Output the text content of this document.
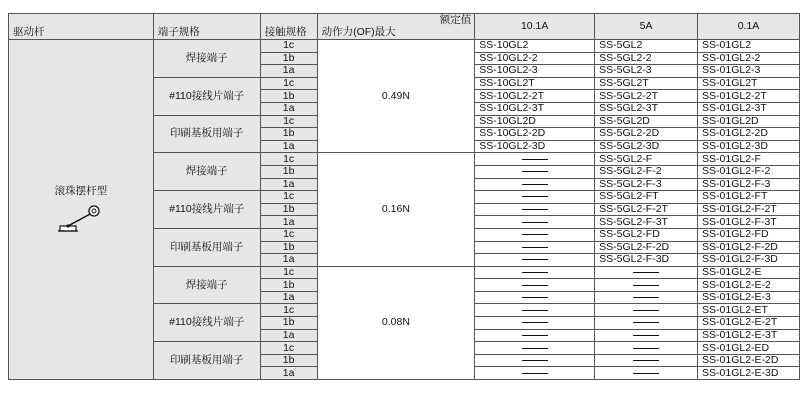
驱动杆	端子规格	接触规格	额定值
动作力(OF)最大	10.1A	5A	0.1A

滚珠摆杆型	焊接端子	1c	0.49N	SS-10GL2	SS-5GL2	SS-01GL2
		1b		SS-10GL2-2	SS-5GL2-2	SS-01GL2-2
		1a		SS-10GL2-3	SS-5GL2-3	SS-01GL2-3
	#110接线片端子	1c		SS-10GL2T	SS-5GL2T	SS-01GL2T
		1b		SS-10GL2-2T	SS-5GL2-2T	SS-01GL2-2T
		1a		SS-10GL2-3T	SS-5GL2-3T	SS-01GL2-3T
	印刷基板用端子	1c		SS-10GL2D	SS-5GL2D	SS-01GL2D
		1b		SS-10GL2-2D	SS-5GL2-2D	SS-01GL2-2D
		1a		SS-10GL2-3D	SS-5GL2-3D	SS-01GL2-3D
	焊接端子	1c	0.16N		SS-5GL2-F	SS-01GL2-F
		1b			SS-5GL2-F-2	SS-01GL2-F-2
		1a			SS-5GL2-F-3	SS-01GL2-F-3
	#110接线片端子	1c			SS-5GL2-FT	SS-01GL2-FT
		1b			SS-5GL2-F-2T	SS-01GL2-F-2T
		1a			SS-5GL2-F-3T	SS-01GL2-F-3T
	印刷基板用端子	1c			SS-5GL2-FD	SS-01GL2-FD
		1b			SS-5GL2-F-2D	SS-01GL2-F-2D
		1a			SS-5GL2-F-3D	SS-01GL2-F-3D
	焊接端子	1c	0.08N			SS-01GL2-E
		1b				SS-01GL2-E-2
		1a				SS-01GL2-E-3
	#110接线片端子	1c				SS-01GL2-ET
		1b				SS-01GL2-E-2T
		1a				SS-01GL2-E-3T
	印刷基板用端子	1c				SS-01GL2-ED
		1b				SS-01GL2-E-2D
		1a				SS-01GL2-E-3D
